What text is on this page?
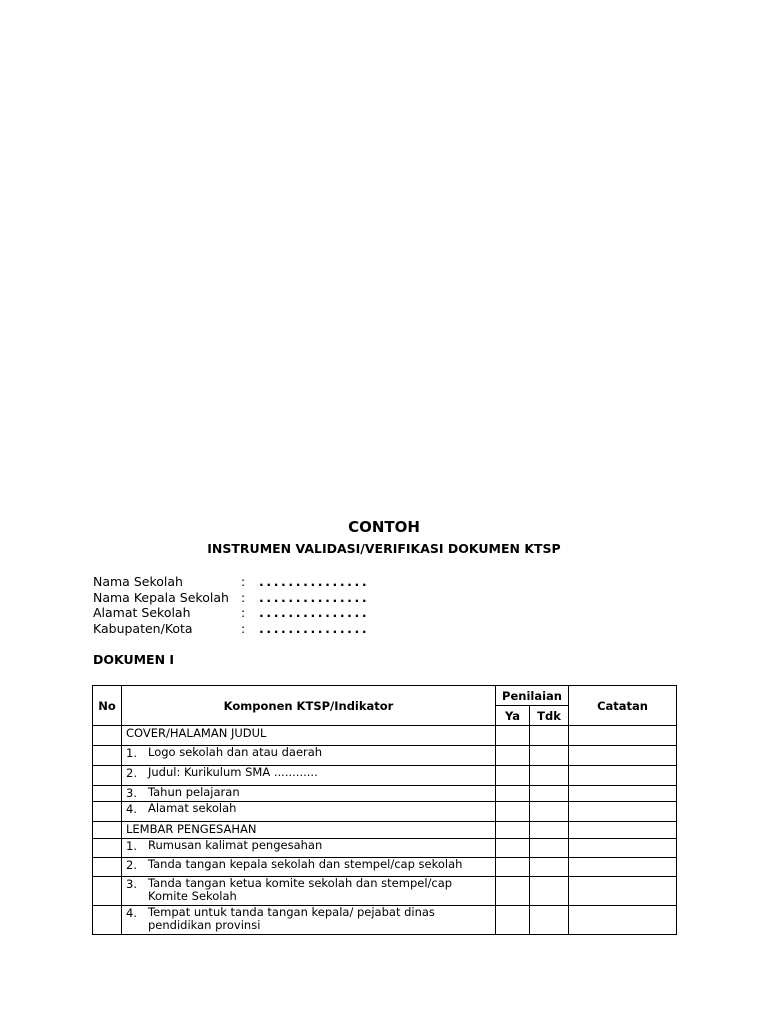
CONTOH
INSTRUMEN VALIDASI/VERIFIKASI DOKUMEN KTSP
Nama Sekolah	: ...............
Nama Kepala Sekolah : ...............
Alamat Sekolah	: ...............
Kabupaten/Kota	: ...............
DOKUMEN I
No	Komponen KTSP/Indikator	Penilaian		Catatan
		Ya	Tdk	
	COVER/HALAMAN JUDUL			
	1. Logo sekolah dan atau daerah			
	2. Judul: Kurikulum SMA ............			
	3. Tahun pelajaran			
	4. Alamat sekolah			
	LEMBAR PENGESAHAN			
	1. Rumusan kalimat pengesahan			
	2. Tanda tangan kepala sekolah dan stempel/cap sekolah			
	3. Tanda tangan ketua komite sekolah dan stempel/cap Komite Sekolah			
	4. Tempat untuk tanda tangan kepala/ pejabat dinas pendidikan provinsi			
